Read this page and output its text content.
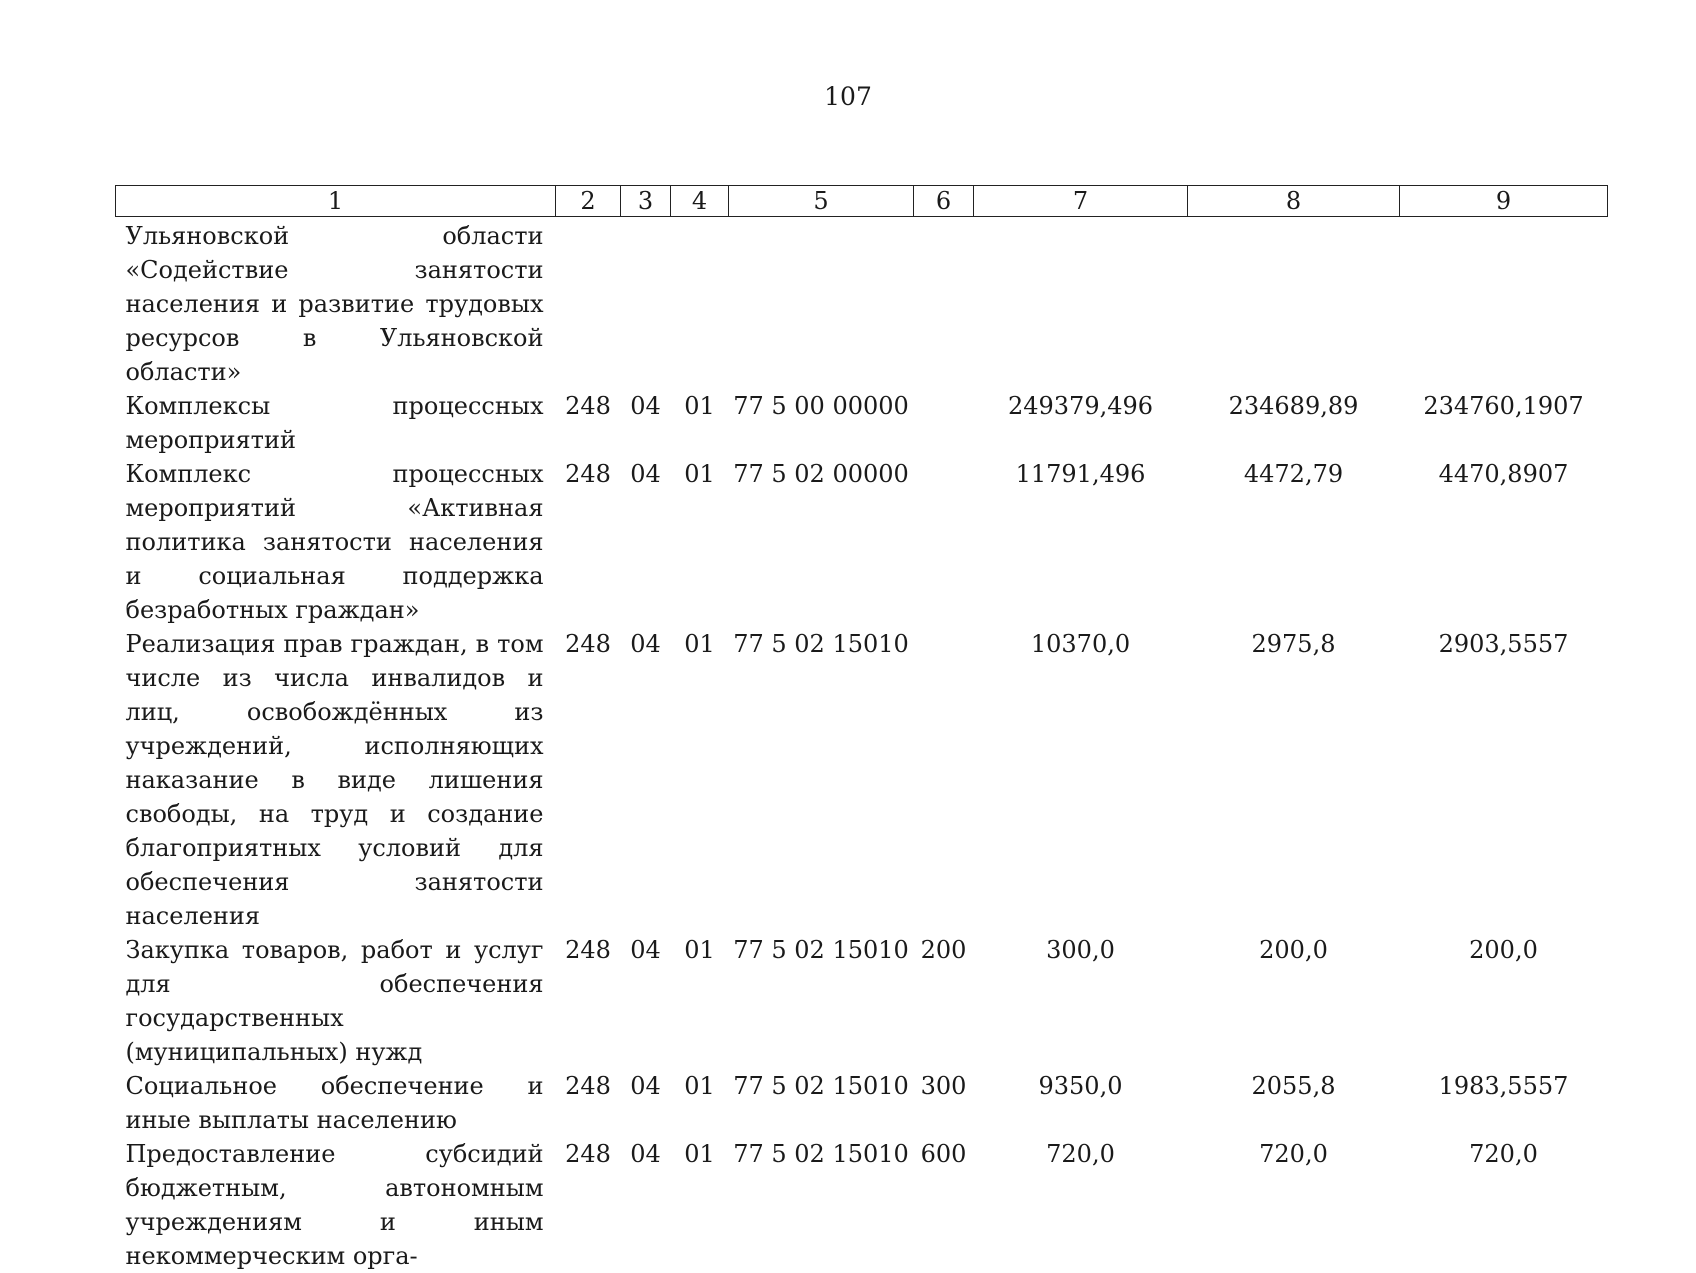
107
1	2	3	4	5	6	7	8	9
Ульяновской области «Содействие занятости населения и развитие трудовых ресурсов в Ульяновской области»								
Комплексы процессных мероприятий	248	04	01	77 5 00 00000		249379,496	234689,89	234760,1907
Комплекс процессных мероприятий «Активная политика занятости населения и социальная поддержка безработных граждан»	248	04	01	77 5 02 00000		11791,496	4472,79	4470,8907
Реализация прав граждан, в том числе из числа инвалидов и лиц, освобождённых из учреждений, исполняющих наказание в виде лишения свободы, на труд и создание благоприятных условий для обеспечения занятости населения	248	04	01	77 5 02 15010		10370,0	2975,8	2903,5557
Закупка товаров, работ и услуг для обеспечения государственных (муниципальных) нужд	248	04	01	77 5 02 15010	200	300,0	200,0	200,0
Социальное обеспечение и иные выплаты населению	248	04	01	77 5 02 15010	300	9350,0	2055,8	1983,5557
Предоставление субсидий бюджетным, автономным учреждениям и иным некоммерческим орга-	248	04	01	77 5 02 15010	600	720,0	720,0	720,0
